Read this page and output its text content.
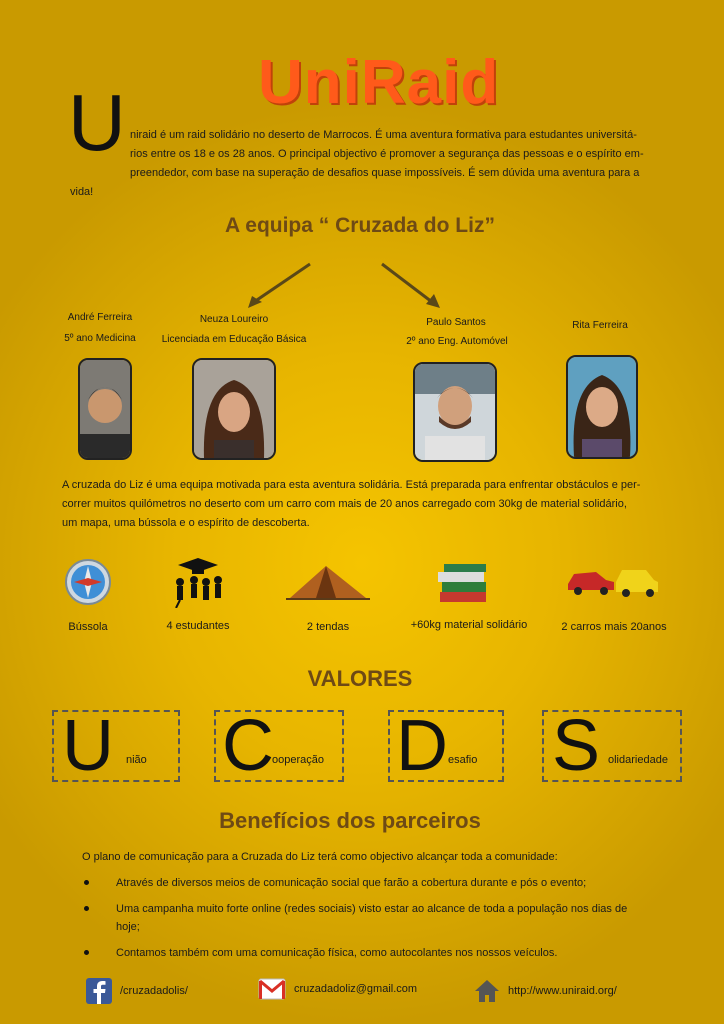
UniRaid
U niraid é um raid solidário no deserto de Marrocos. É uma aventura formativa para estudantes universitá-
rios entre os 18 e os 28 anos. O principal objectivo é promover a segurança das pessoas e o espírito em-
preendedor, com base na superação de desafios quase impossíveis. É sem dúvida uma aventura para a
vida!
A equipa “ Cruzada do Liz”
André Ferreira
5º ano Medicina
Neuza Loureiro
Licenciada em Educação Básica
Paulo Santos
2º ano Eng. Automóvel
Rita Ferreira
A cruzada do Liz é uma equipa motivada para esta aventura solidária. Está preparada para enfrentar obstáculos e per-
correr muitos quilómetros no deserto com um carro com mais de 20 anos carregado com 30kg de material solidário,
um mapa, uma bússola e o espírito de descoberta.
Bússola	4 estudantes	2 tendas	+60kg material solidário	2 carros mais 20anos
VALORES
U nião C
ooperação D esafio S olidariedade
Benefícios dos parceiros
O plano de comunicação para a Cruzada do Liz terá como objectivo alcançar toda a comunidade:
Através de diversos meios de comunicação social que farão a cobertura durante e pós o evento;
Uma campanha muito forte online (redes sociais) visto estar ao alcance de toda a população nos dias de hoje;
Contamos também com uma comunicação física, como autocolantes nos nossos veículos.
/cruzadadolis/	cruzadadoliz@gmail.com	http://www.uniraid.org/
